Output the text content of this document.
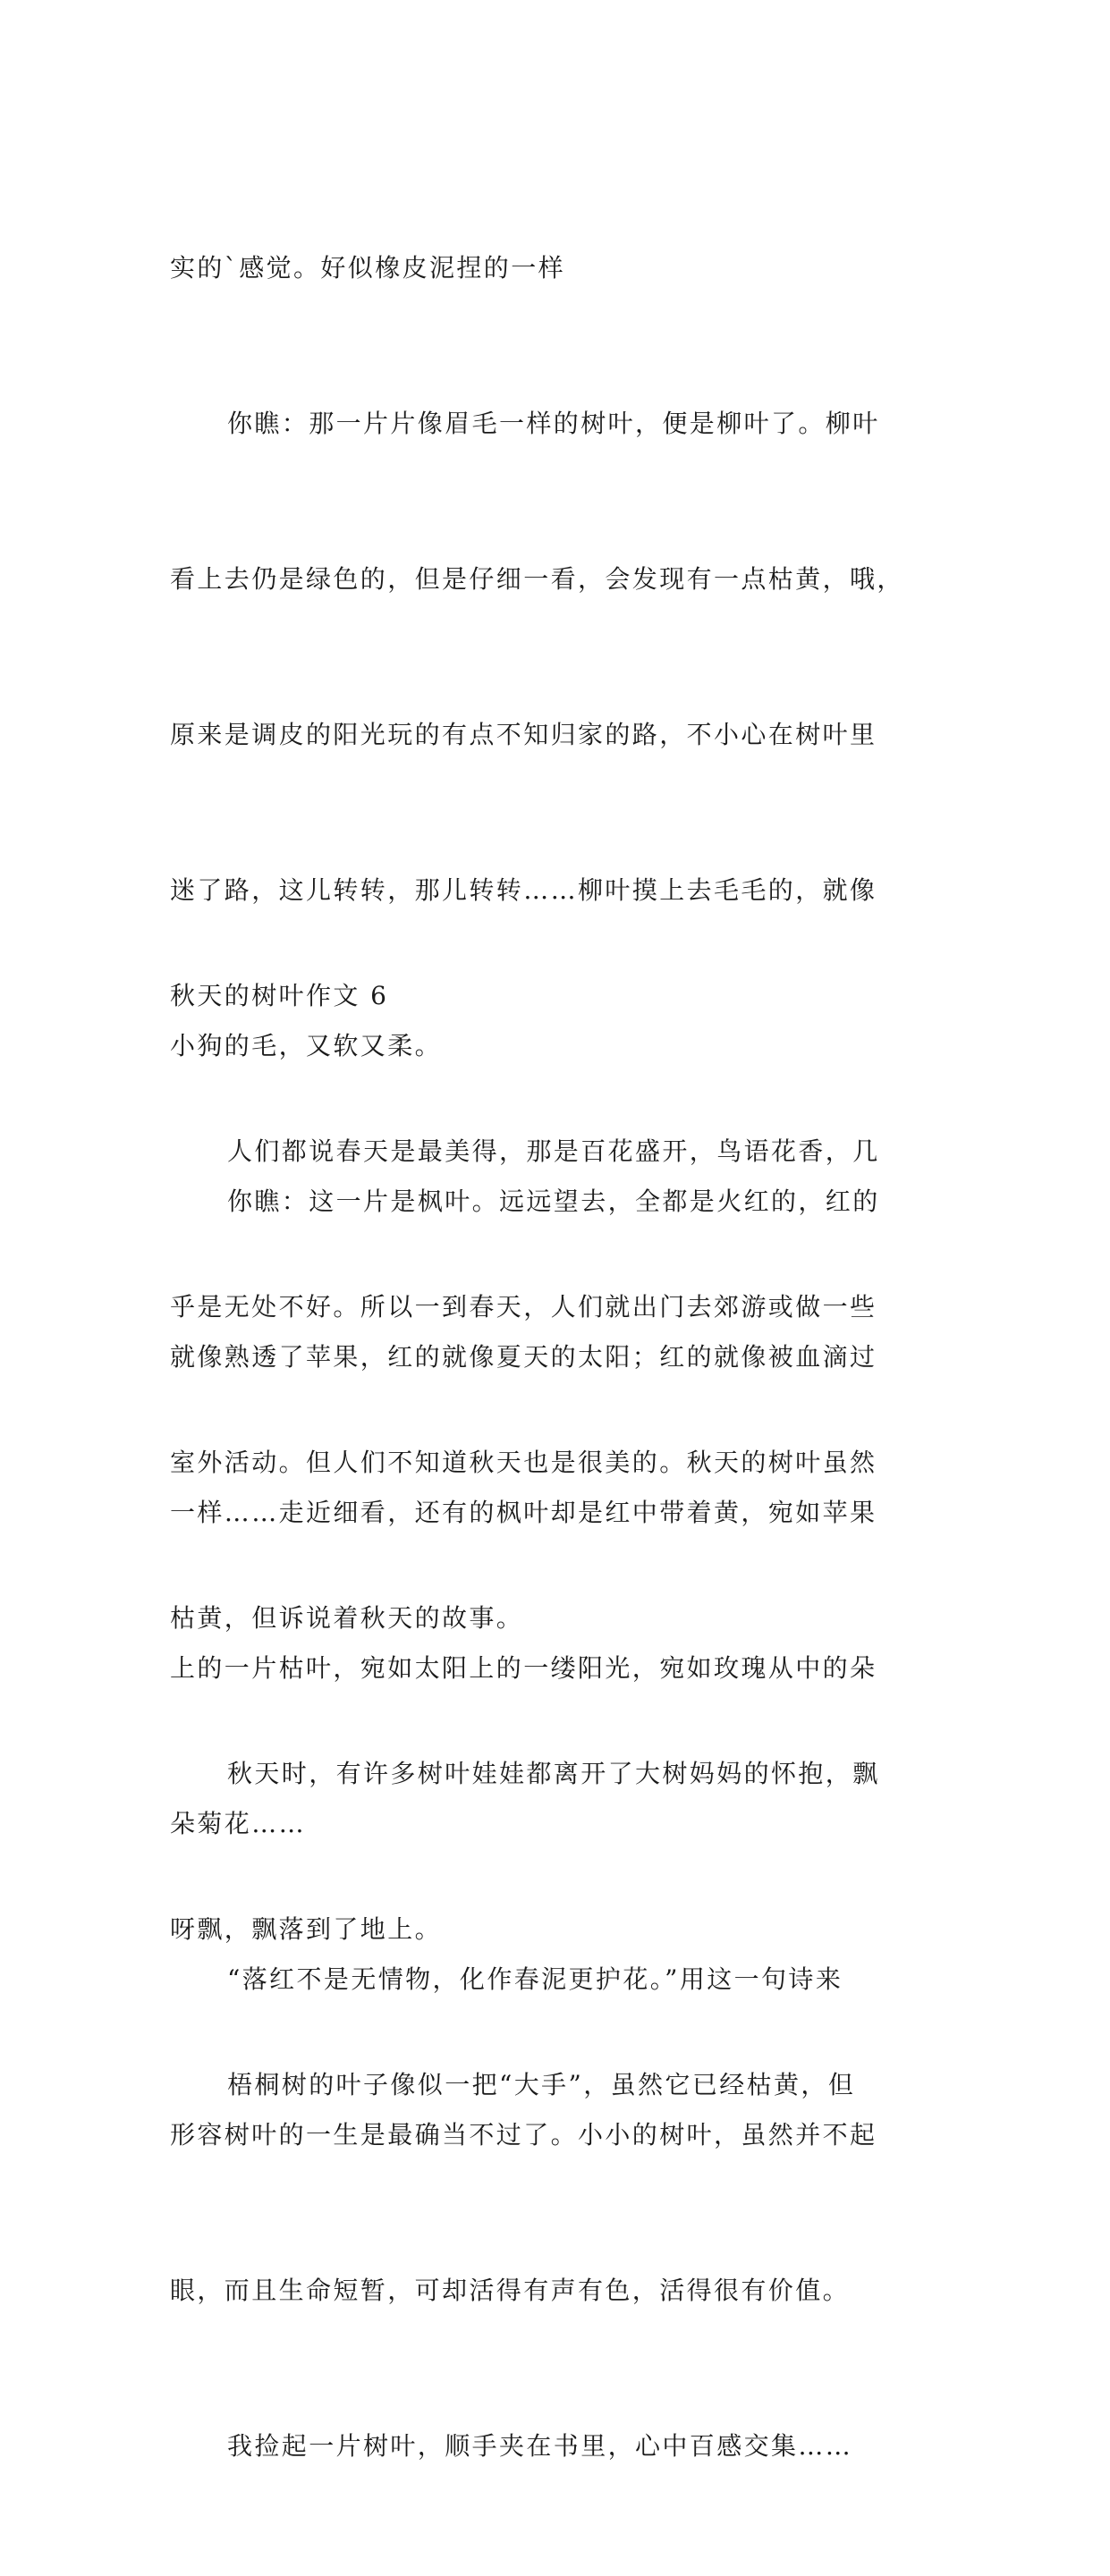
实的`感觉。好似橡皮泥捏的一样

你瞧：那一片片像眉毛一样的树叶，便是柳叶了。柳叶

看上去仍是绿色的，但是仔细一看，会发现有一点枯黄，哦，

原来是调皮的阳光玩的有点不知归家的路，不小心在树叶里

迷了路，这儿转转，那儿转转……柳叶摸上去毛毛的，就像

小狗的毛，又软又柔。

你瞧：这一片是枫叶。远远望去，全都是火红的，红的

就像熟透了苹果，红的就像夏天的太阳；红的就像被血滴过

一样……走近细看，还有的枫叶却是红中带着黄，宛如苹果

上的一片枯叶，宛如太阳上的一缕阳光，宛如玫瑰从中的朵

朵菊花……

“落红不是无情物，化作春泥更护花。”用这一句诗来

形容树叶的一生是最确当不过了。小小的树叶，虽然并不起

眼，而且生命短暂，可却活得有声有色，活得很有价值。

我捡起一片树叶，顺手夹在书里，心中百感交集……

秋天的树叶作文 6

人们都说春天是最美得，那是百花盛开，鸟语花香，几

乎是无处不好。所以一到春天，人们就出门去郊游或做一些

室外活动。但人们不知道秋天也是很美的。秋天的树叶虽然

枯黄，但诉说着秋天的故事。

秋天时，有许多树叶娃娃都离开了大树妈妈的怀抱，飘

呀飘，飘落到了地上。

梧桐树的叶子像似一把“大手”，虽然它已经枯黄，但
